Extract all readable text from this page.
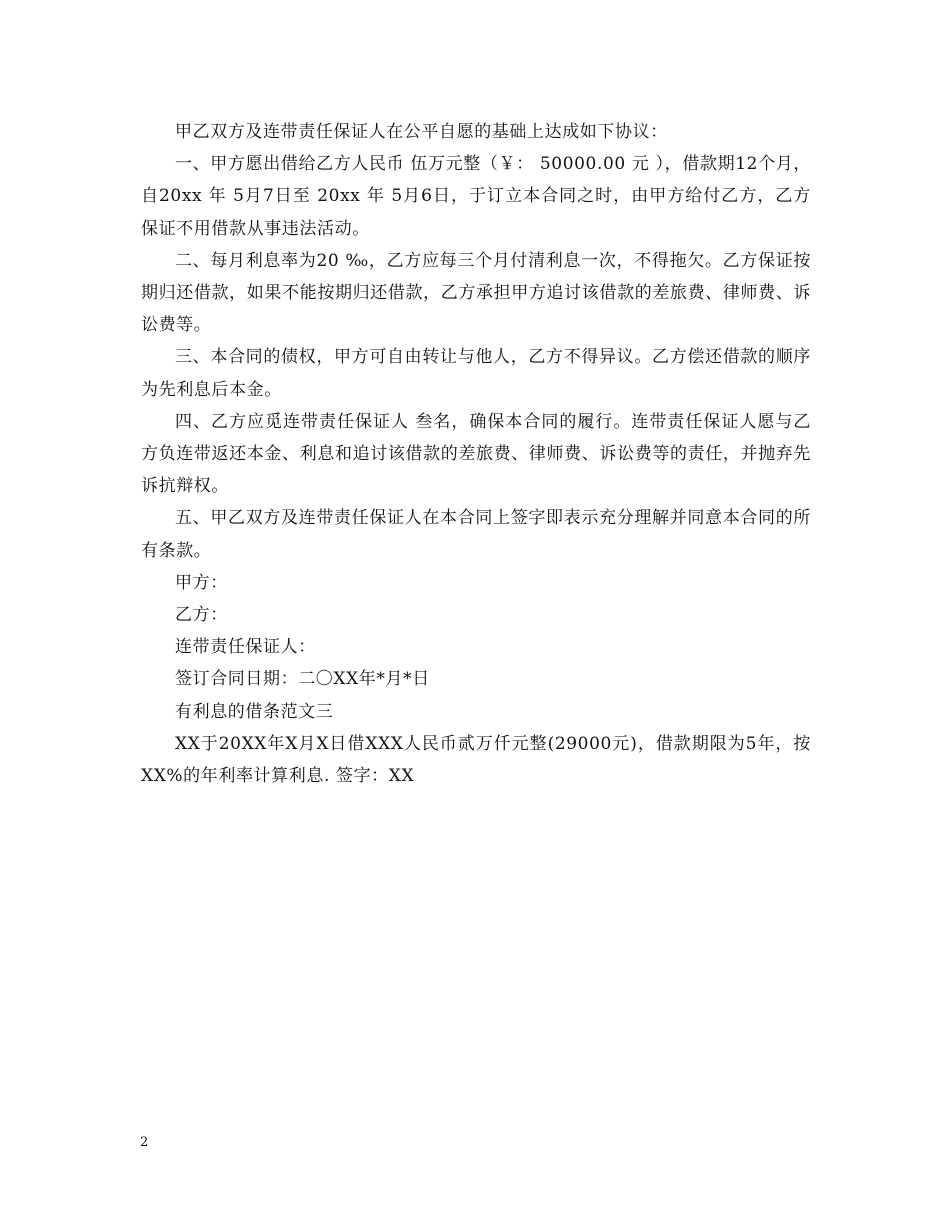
甲乙双方及连带责任保证人在公平自愿的基础上达成如下协议：

一、甲方愿出借给乙方人民币 伍万元整（￥： 50000.00 元 ），借款期12个月，自20xx 年 5月7日至 20xx 年 5月6日，于订立本合同之时，由甲方给付乙方，乙方保证不用借款从事违法活动。

二、每月利息率为20 ‰，乙方应每三个月付清利息一次，不得拖欠。乙方保证按期归还借款，如果不能按期归还借款，乙方承担甲方追讨该借款的差旅费、律师费、诉讼费等。

三、本合同的债权，甲方可自由转让与他人，乙方不得异议。乙方偿还借款的顺序为先利息后本金。

四、乙方应觅连带责任保证人 叁名，确保本合同的履行。连带责任保证人愿与乙方负连带返还本金、利息和追讨该借款的差旅费、律师费、诉讼费等的责任，并抛弃先诉抗辩权。

五、甲乙双方及连带责任保证人在本合同上签字即表示充分理解并同意本合同的所有条款。

甲方：

乙方：

连带责任保证人：

签订合同日期：二〇XX年*月*日

有利息的借条范文三

XX于20XX年X月X日借XXX人民币贰万仟元整(29000元)，借款期限为5年，按XX%的年利率计算利息. 签字：XX

2
